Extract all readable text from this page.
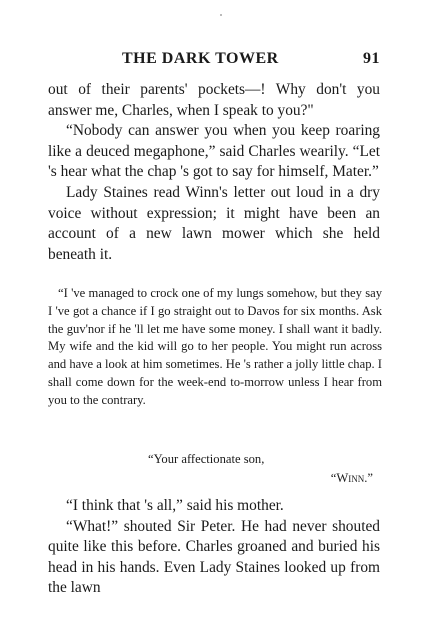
THE DARK TOWER	91

out of their parents' pockets—! Why don't you answer me, Charles, when I speak to you?"

“Nobody can answer you when you keep roaring like a deuced megaphone,” said Charles wearily. “Let 's hear what the chap 's got to say for himself, Mater.”

Lady Staines read Winn's letter out loud in a dry voice without expression; it might have been an account of a new lawn mower which she held beneath it.

“I 've managed to crock one of my lungs somehow, but they say I 've got a chance if I go straight out to Davos for six months. Ask the guv'nor if he 'll let me have some money. I shall want it badly. My wife and the kid will go to her people. You might run across and have a look at him sometimes. He 's rather a jolly little chap. I shall come down for the week-end to-morrow unless I hear from you to the contrary.

“Your affectionate son,
“Winn.”

“I think that 's all,” said his mother.

“What!” shouted Sir Peter. He had never shouted quite like this before. Charles groaned and buried his head in his hands. Even Lady Staines looked up from the lawn
